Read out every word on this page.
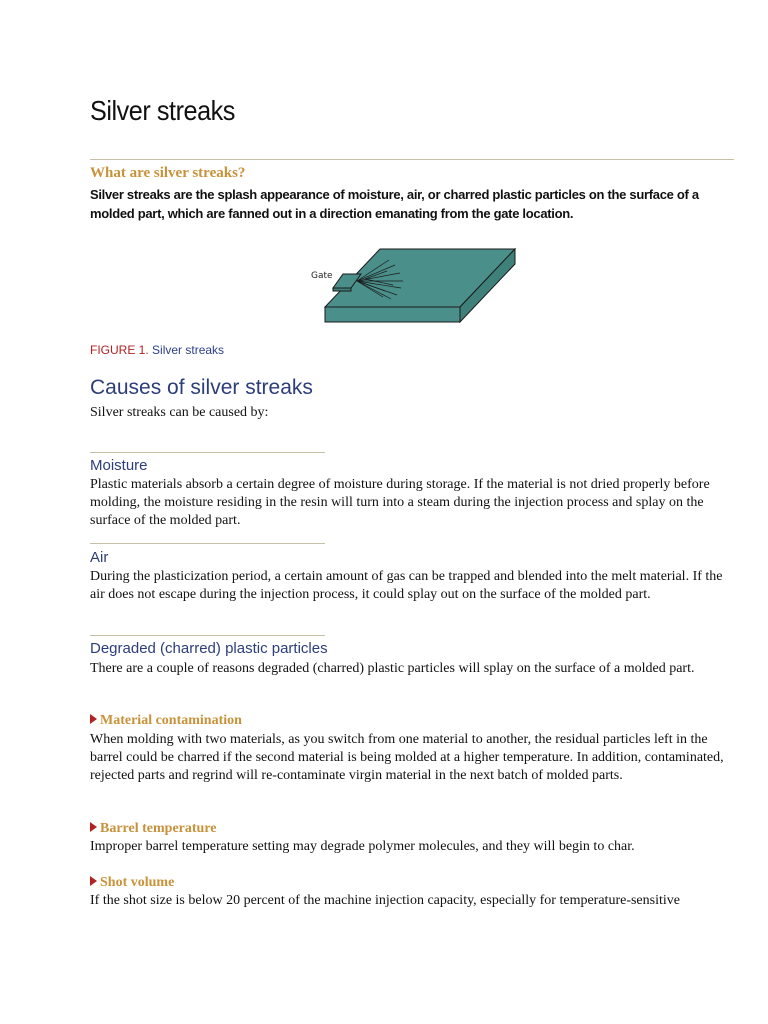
Silver streaks
What are silver streaks?

Silver streaks are the splash appearance of moisture, air, or charred plastic particles on the surface of a molded part, which are fanned out in a direction emanating from the gate location.

Gate

FIGURE 1. Silver streaks

Causes of silver streaks

Silver streaks can be caused by:

Moisture

Plastic materials absorb a certain degree of moisture during storage. If the material is not dried properly before molding, the moisture residing in the resin will turn into a steam during the injection process and splay on the surface of the molded part.

Air

During the plasticization period, a certain amount of gas can be trapped and blended into the melt material. If the air does not escape during the injection process, it could splay out on the surface of the molded part.

Degraded (charred) plastic particles

There are a couple of reasons degraded (charred) plastic particles will splay on the surface of a molded part.

Material contamination

When molding with two materials, as you switch from one material to another, the residual particles left in the barrel could be charred if the second material is being molded at a higher temperature. In addition, contaminated, rejected parts and regrind will re-contaminate virgin material in the next batch of molded parts.

Barrel temperature

Improper barrel temperature setting may degrade polymer molecules, and they will begin to char.

Shot volume

If the shot size is below 20 percent of the machine injection capacity, especially for temperature-sensitive
